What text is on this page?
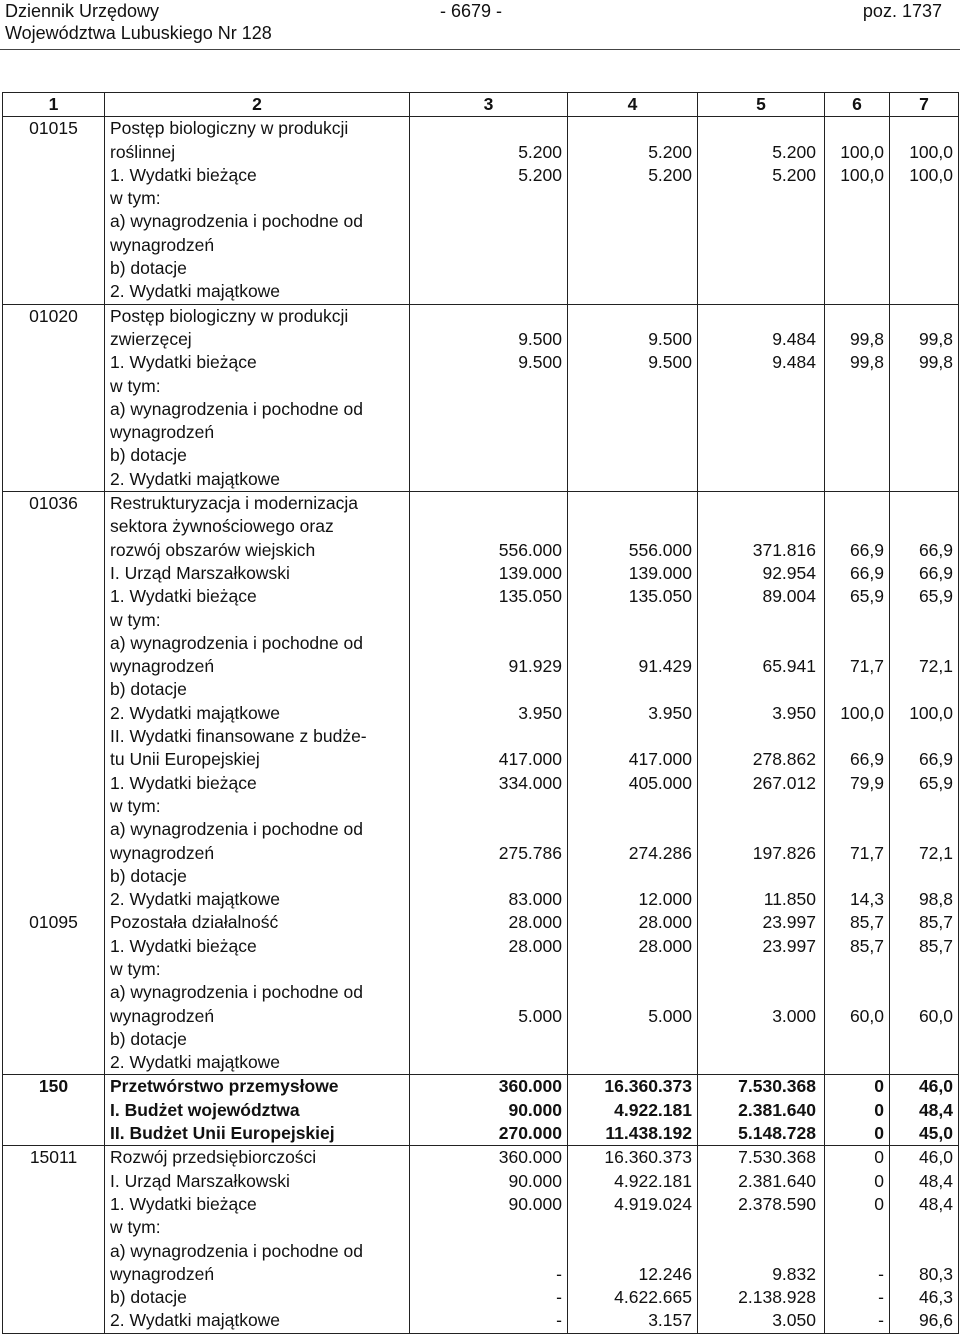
Dziennik Urzędowy
Województwa Lubuskiego Nr 128
- 6679 -	poz. 1737
1	2	3	4	5	6	7
01015	Postęp biologiczny w produkcji					
	roślinnej	5.200	5.200	5.200	100,0	100,0
	1. Wydatki bieżące	5.200	5.200	5.200	100,0	100,0
	w tym:					
	a) wynagrodzenia i pochodne od					
	wynagrodzeń					
	b) dotacje					
	2. Wydatki majątkowe					
01020	Postęp biologiczny w produkcji					
	zwierzęcej	9.500	9.500	9.484	99,8	99,8
	1. Wydatki bieżące	9.500	9.500	9.484	99,8	99,8
	w tym:					
	a) wynagrodzenia i pochodne od					
	wynagrodzeń					
	b) dotacje					
	2. Wydatki majątkowe					
01036	Restrukturyzacja i modernizacja					
	sektora żywnościowego oraz					
	rozwój obszarów wiejskich	556.000	556.000	371.816	66,9	66,9
	I. Urząd Marszałkowski	139.000	139.000	92.954	66,9	66,9
	1. Wydatki bieżące	135.050	135.050	89.004	65,9	65,9
	w tym:					
	a) wynagrodzenia i pochodne od					
	wynagrodzeń	91.929	91.429	65.941	71,7	72,1
	b) dotacje					
	2. Wydatki majątkowe	3.950	3.950	3.950	100,0	100,0
	II. Wydatki finansowane z budże-					
	tu Unii Europejskiej	417.000	417.000	278.862	66,9	66,9
	1. Wydatki bieżące	334.000	405.000	267.012	79,9	65,9
	w tym:					
	a) wynagrodzenia i pochodne od					
	wynagrodzeń	275.786	274.286	197.826	71,7	72,1
	b) dotacje					
	2. Wydatki majątkowe	83.000	12.000	11.850	14,3	98,8
01095	Pozostała działalność	28.000	28.000	23.997	85,7	85,7
	1. Wydatki bieżące	28.000	28.000	23.997	85,7	85,7
	w tym:					
	a) wynagrodzenia i pochodne od					
	wynagrodzeń	5.000	5.000	3.000	60,0	60,0
	b) dotacje					
	2. Wydatki majątkowe					
150	Przetwórstwo przemysłowe	360.000	16.360.373	7.530.368	0	46,0
	I. Budżet województwa	90.000	4.922.181	2.381.640	0	48,4
	II. Budżet Unii Europejskiej	270.000	11.438.192	5.148.728	0	45,0
15011	Rozwój przedsiębiorczości	360.000	16.360.373	7.530.368	0	46,0
	I. Urząd Marszałkowski	90.000	4.922.181	2.381.640	0	48,4
	1. Wydatki bieżące	90.000	4.919.024	2.378.590	0	48,4
	w tym:					
	a) wynagrodzenia i pochodne od					
	wynagrodzeń	-	12.246	9.832	-	80,3
	b) dotacje	-	4.622.665	2.138.928	-	46,3
	2. Wydatki majątkowe	-	3.157	3.050	-	96,6
